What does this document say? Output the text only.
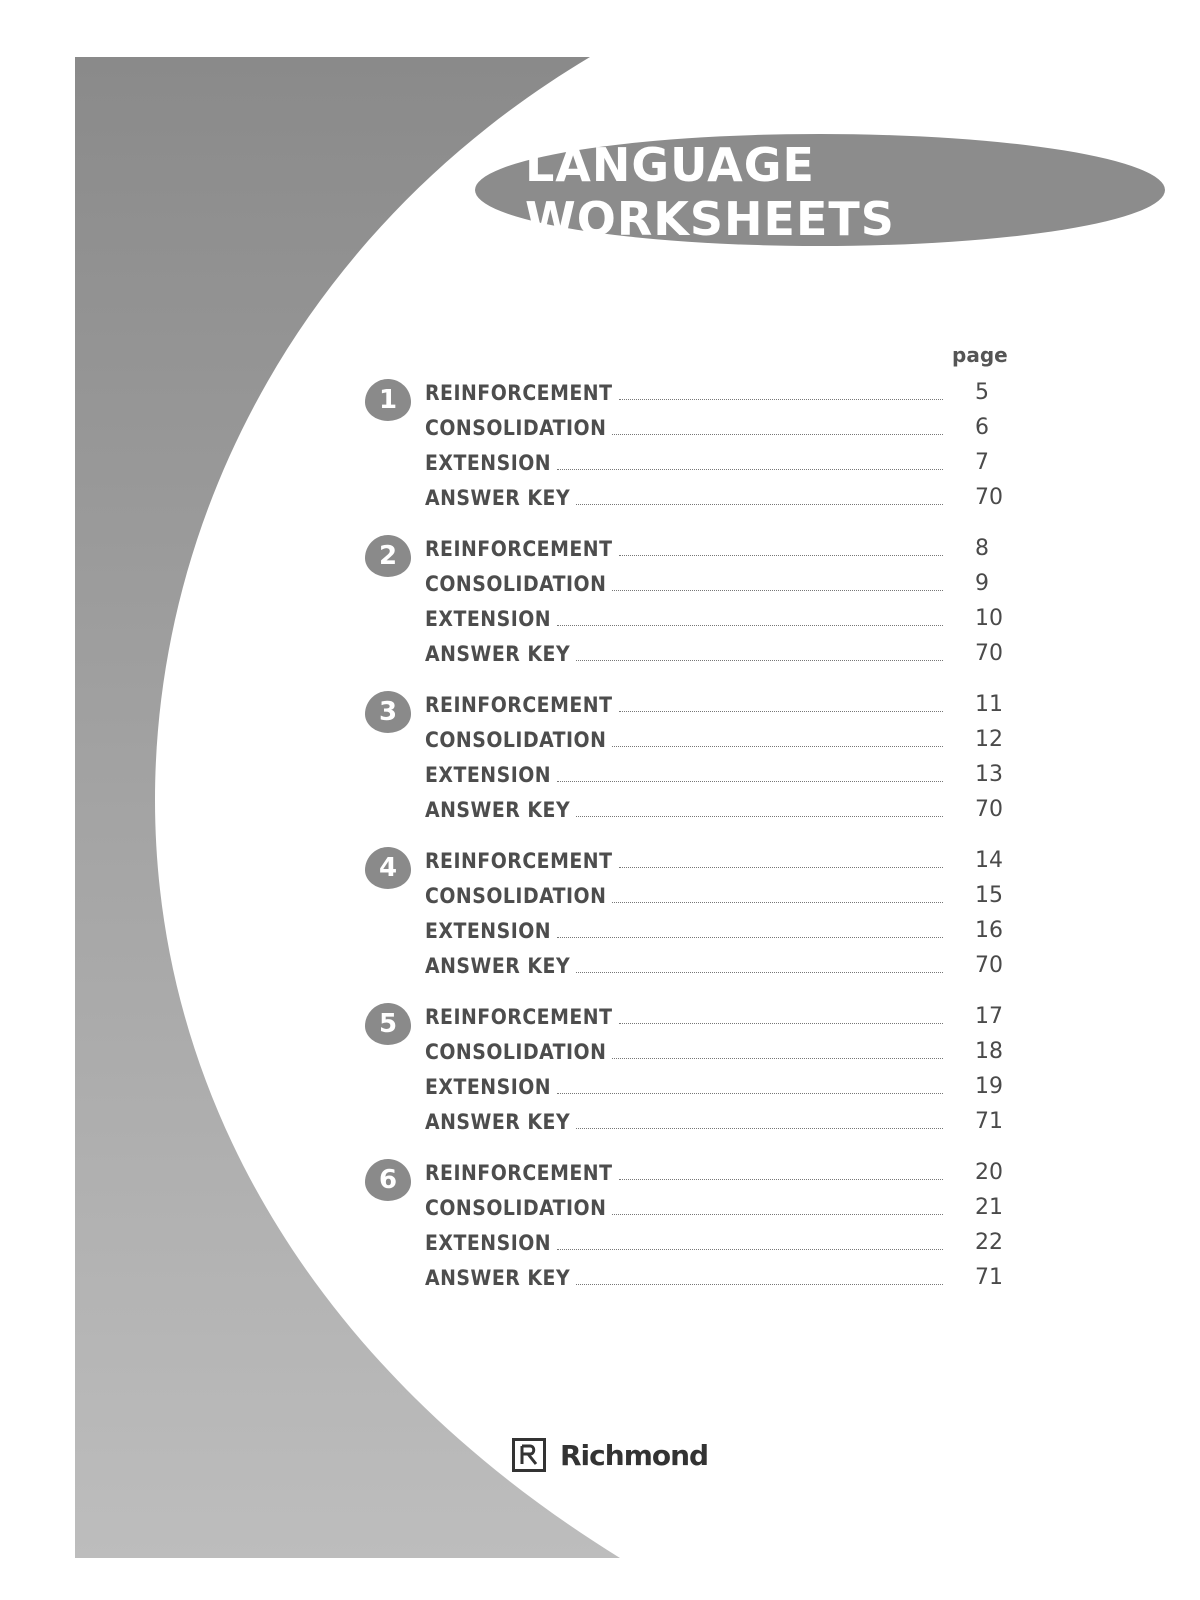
LANGUAGE WORKSHEETS
page
1	REINFORCEMENT	5
CONSOLIDATION	6
EXTENSION	7
ANSWER KEY	70
2	REINFORCEMENT	8
CONSOLIDATION	9
EXTENSION	10
ANSWER KEY	70
3	REINFORCEMENT	11
CONSOLIDATION	12
EXTENSION	13
ANSWER KEY	70
4	REINFORCEMENT	14
CONSOLIDATION	15
EXTENSION	16
ANSWER KEY	70
5	REINFORCEMENT	17
CONSOLIDATION	18
EXTENSION	19
ANSWER KEY	71
6	REINFORCEMENT	20
CONSOLIDATION	21
EXTENSION	22
ANSWER KEY	71
Richmond
